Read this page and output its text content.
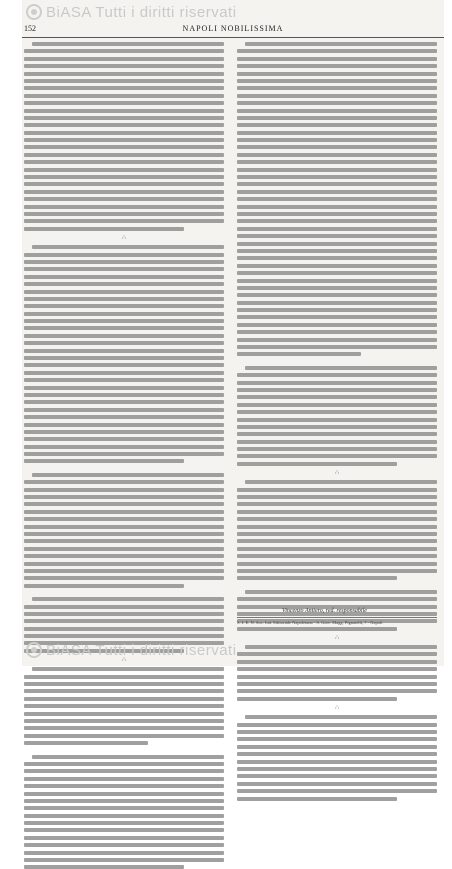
BiASA Tutti i diritti riservati
152	NAPOLI NOBILISSIMA
∴
∴
∴
∴
∴
Vincenzo Antiero, red. responsabile
S. I. E. N. Soc. Ind. Editoriale Napoletana - S. Giov. Magg. Pignatelli, 7 - Napoli
BiASA Tutti i diritti riservati
